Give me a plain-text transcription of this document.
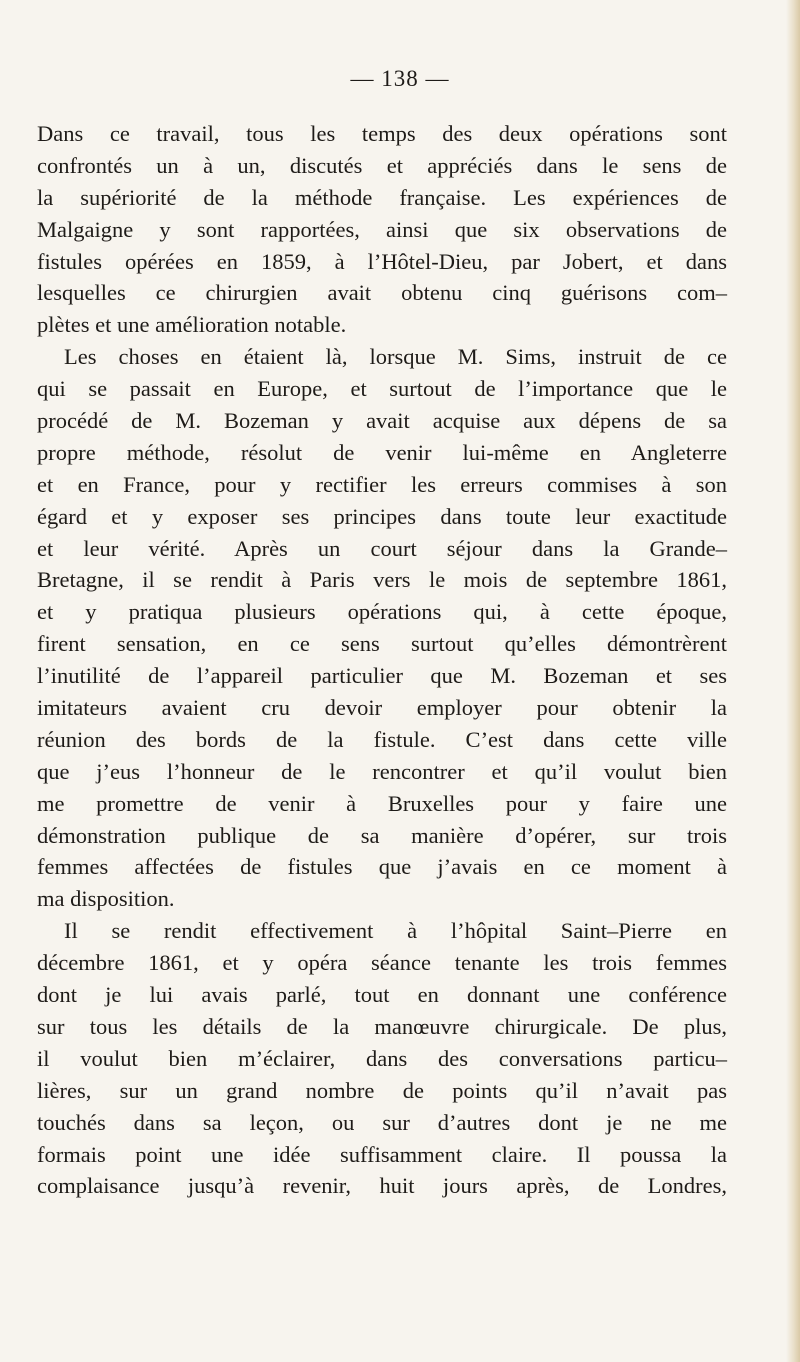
— 138 —
Dans ce travail, tous les temps des deux opérations sont
confrontés un à un, discutés et appréciés dans le sens de
la supériorité de la méthode française. Les expériences de
Malgaigne y sont rapportées, ainsi que six observations de
fistules opérées en 1859, à l’Hôtel-Dieu, par Jobert, et dans
lesquelles ce chirurgien avait obtenu cinq guérisons com–
plètes et une amélioration notable.
Les choses en étaient là, lorsque M. Sims, instruit de ce
qui se passait en Europe, et surtout de l’importance que le
procédé de M. Bozeman y avait acquise aux dépens de sa
propre méthode, résolut de venir lui-même en Angleterre
et en France, pour y rectifier les erreurs commises à son
égard et y exposer ses principes dans toute leur exactitude
et leur vérité. Après un court séjour dans la Grande–
Bretagne, il se rendit à Paris vers le mois de septembre 1861,
et y pratiqua plusieurs opérations qui, à cette époque,
firent sensation, en ce sens surtout qu’elles démontrèrent
l’inutilité de l’appareil particulier que M. Bozeman et ses
imitateurs avaient cru devoir employer pour obtenir la
réunion des bords de la fistule. C’est dans cette ville
que j’eus l’honneur de le rencontrer et qu’il voulut bien
me promettre de venir à Bruxelles pour y faire une
démonstration publique de sa manière d’opérer, sur trois
femmes affectées de fistules que j’avais en ce moment à
ma disposition.
Il se rendit effectivement à l’hôpital Saint–Pierre en
décembre 1861, et y opéra séance tenante les trois femmes
dont je lui avais parlé, tout en donnant une conférence
sur tous les détails de la manœuvre chirurgicale. De plus,
il voulut bien m’éclairer, dans des conversations particu–
lières, sur un grand nombre de points qu’il n’avait pas
touchés dans sa leçon, ou sur d’autres dont je ne me
formais point une idée suffisamment claire. Il poussa la
complaisance jusqu’à revenir, huit jours après, de Londres,
